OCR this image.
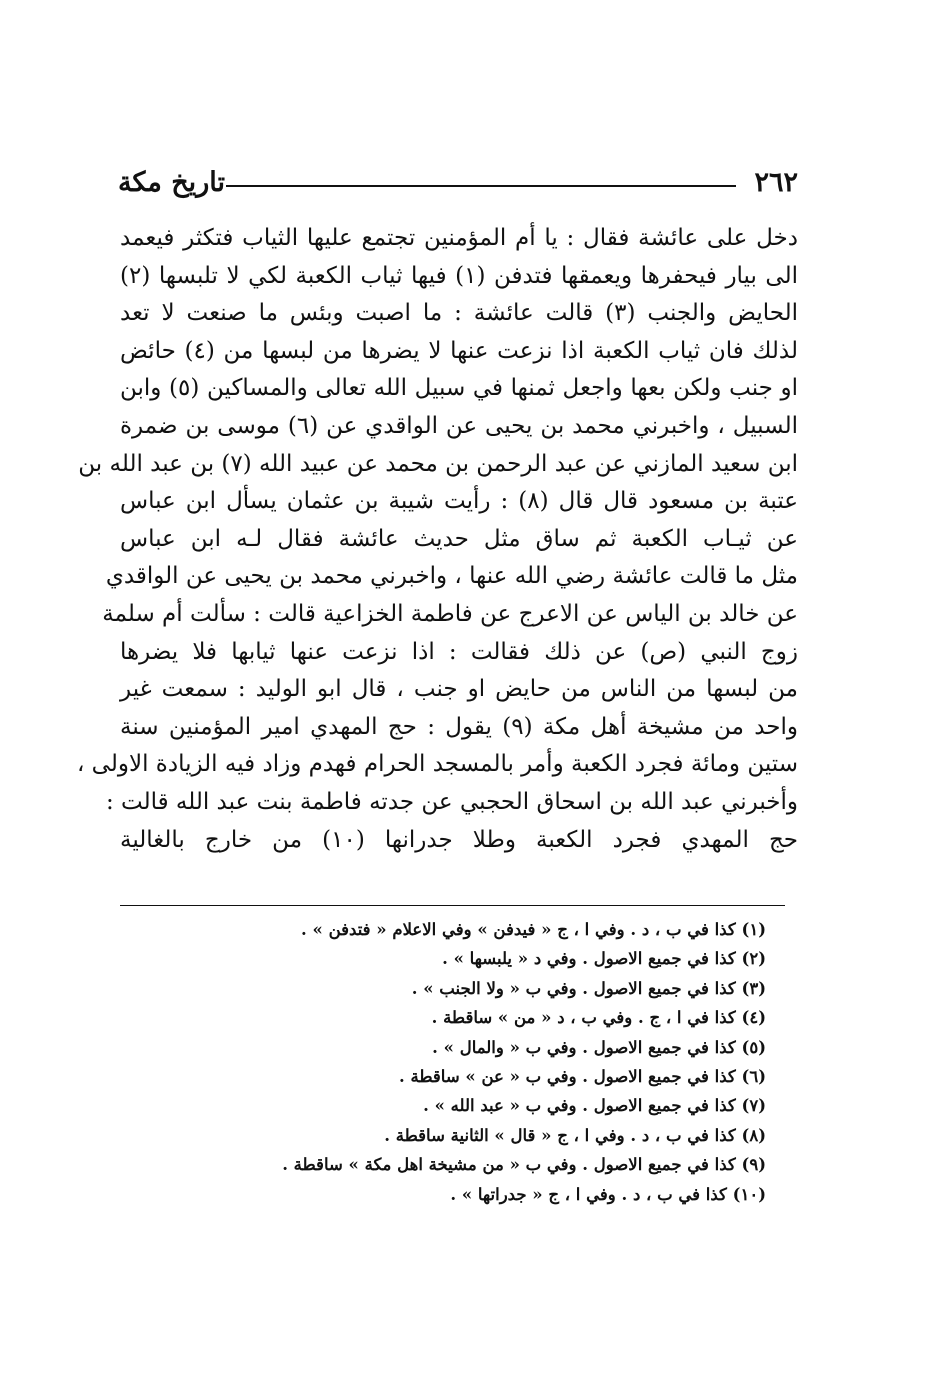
٢٦٢
تاريخ مكة
دخل على عائشة فقال : يا أم المؤمنين تجتمع عليها الثياب فتكثر فيعمد
الى بيار فيحفرها ويعمقها فتدفن (١) فيها ثياب الكعبة لكي لا تلبسها (٢)
الحايض والجنب (٣) قالت عائشة : ما اصبت وبئس ما صنعت لا تعد
لذلك فان ثياب الكعبة اذا نزعت عنها لا يضرها من لبسها من (٤) حائض
او جنب ولكن بعها واجعل ثمنها في سبيل الله تعالى والمساكين (٥) وابن
السبيل ، واخبرني محمد بن يحيى عن الواقدي عن (٦) موسى بن ضمرة
ابن سعيد المازني عن عبد الرحمن بن محمد عن عبيد الله (٧) بن عبد الله بن
عتبة بن مسعود قال قال (٨) : رأيت شيبة بن عثمان يسأل ابن عباس
عن ثيـاب الكعبة ثم ساق مثل حديث عائشة فقال لـه ابن عباس
مثل ما قالت عائشة رضي الله عنها ، واخبرني محمد بن يحيى عن الواقدي
عن خالد بن الياس عن الاعرج عن فاطمة الخزاعية قالت : سألت أم سلمة
زوج النبي (ص) عن ذلك فقالت : اذا نزعت عنها ثيابها فلا يضرها
من لبسها من الناس من حايض او جنب ، قال ابو الوليد : سمعت غير
واحد من مشيخة أهل مكة (٩) يقول : حج المهدي امير المؤمنين سنة
ستين ومائة فجرد الكعبة وأمر بالمسجد الحرام فهدم وزاد فيه الزيادة الاولى ،
وأخبرني عبد الله بن اسحاق الحجبي عن جدته فاطمة بنت عبد الله قالت :
حج المهدي فجرد الكعبة وطلا جدرانها (١٠) من خارج بالغالية
(١) كذا في ب ، د . وفي ا ، ج « فيدفن » وفي الاعلام « فتدفن » .
(٢) كذا في جميع الاصول . وفي د « يلبسها » .
(٣) كذا في جميع الاصول . وفي ب « ولا الجنب » .
(٤) كذا في ا ، ج . وفي ب ، د « من » ساقطة .
(٥) كذا في جميع الاصول . وفي ب « والمال » .
(٦) كذا في جميع الاصول . وفي ب « عن » ساقطة .
(٧) كذا في جميع الاصول . وفي ب « عبد الله » .
(٨) كذا في ب ، د . وفي ا ، ج « قال » الثانية ساقطة .
(٩) كذا في جميع الاصول . وفي ب « من مشيخة اهل مكة » ساقطة .
(١٠) كذا في ب ، د . وفي ا ، ج « جدراتها » .
